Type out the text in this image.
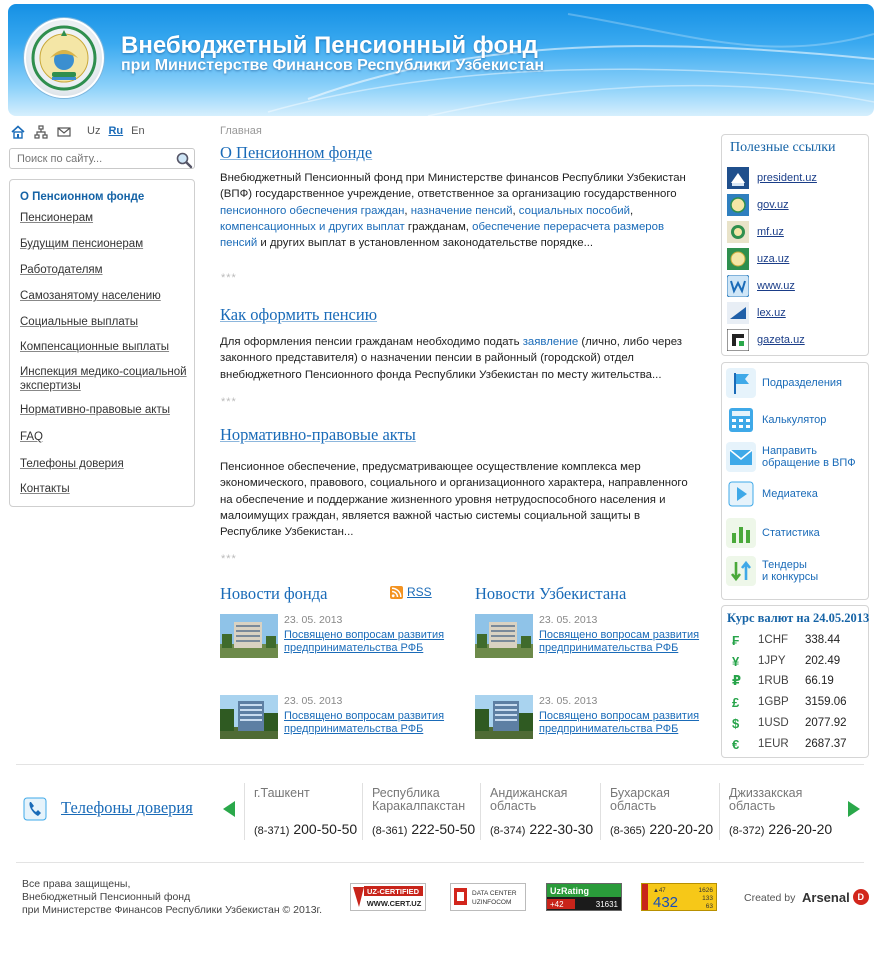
Внебюджетный Пенсионный фонд
при Министерстве Финансов Республики Узбекистан
Uz Ru En
Поиск по сайту...
О Пенсионном фонде
Пенсионерам
Будущим пенсионерам
Работодателям
Самозанятому населению
Социальные выплаты
Компенсационные выплаты
Инспекция медико-социальной экспертизы
Нормативно-правовые акты
FAQ
Телефоны доверия
Контакты
Главная
О Пенсионном фонде
Внебюджетный Пенсионный фонд при Министерстве финансов Республики Узбекистан (ВПФ) государственное учреждение, ответственное за организацию государственного пенсионного обеспечения граждан, назначение пенсий, социальных пособий, компенсационных и других выплат гражданам, обеспечение перерасчета размеров пенсий и других выплат в установленном законодательстве порядке...
***
Как оформить пенсию
Для оформления пенсии гражданам необходимо подать заявление (лично, либо через законного представителя) о назначении пенсии в районный (городской) отдел внебюджетного Пенсионного фонда Республики Узбекистан по месту жительства...
***
Нормативно-правовые акты
Пенсионное обеспечение, предусматривающее осуществление комплекса мер экономического, правового, социального и организационного характера, направленного на обеспечение и поддержание жизненного уровня нетрудоспособного населения и малоимущих граждан, является важной частью системы социальной защиты в Республике Узбекистан...
***
Новости фонда	RSS	Новости Узбекистана
23. 05. 2013
Посвящено вопросам развития предпринимательства РФБ
23. 05. 2013
Посвящено вопросам развития предпринимательства РФБ
23. 05. 2013
Посвящено вопросам развития предпринимательства РФБ
23. 05. 2013
Посвящено вопросам развития предпринимательства РФБ
Полезные ссылки
president.uz
gov.uz
mf.uz
uza.uz
www.uz
lex.uz
gazeta.uz
Подразделения
Калькулятор
Направить
обращение в ВПФ
Медиатека
Статистика
Тендеры
и конкурсы
Курс валют на 24.05.2013
₣	1CHF	338.44
¥	1JPY	202.49
₽	1RUB	66.19
£	1GBP	3159.06
$	1USD	2077.92
€	1EUR	2687.37
Телефоны доверия
г.Ташкент

(8-371) 200-50-50
Республика
Каракалпакстан
(8-361) 222-50-50
Андижанская
область
(8-374) 222-30-30
Бухарская
область
(8-365) 220-20-20
Джиззакская
область
(8-372) 226-20-20
Все права защищены,
Внебюджетный Пенсионный фонд
при Министерстве Финансов Республики Узбекистан © 2013г.
UZ-CERTIFIED
WWW.CERT.UZ
DATA CENTER
UZINFOCOM
UzRating
+42	31631
▲47
432
1626
133
63
Created by Arsenal D
